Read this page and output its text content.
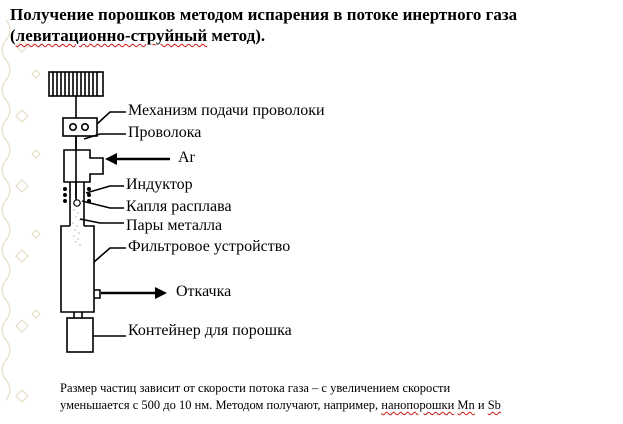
Получение порошков методом испарения в потоке инертного газа
(левитационно-струйный метод).
Механизм подачи проволоки
Проволока
Ar
Индуктор
Капля расплава
Пары металла
Фильтровое устройство
Откачка
Контейнер для порошка

Размер частиц зависит от скорости потока газа – с увеличением скорости
уменьшается с 500 до 10 нм. Методом получают, например, нанопорошки Mn и Sb
